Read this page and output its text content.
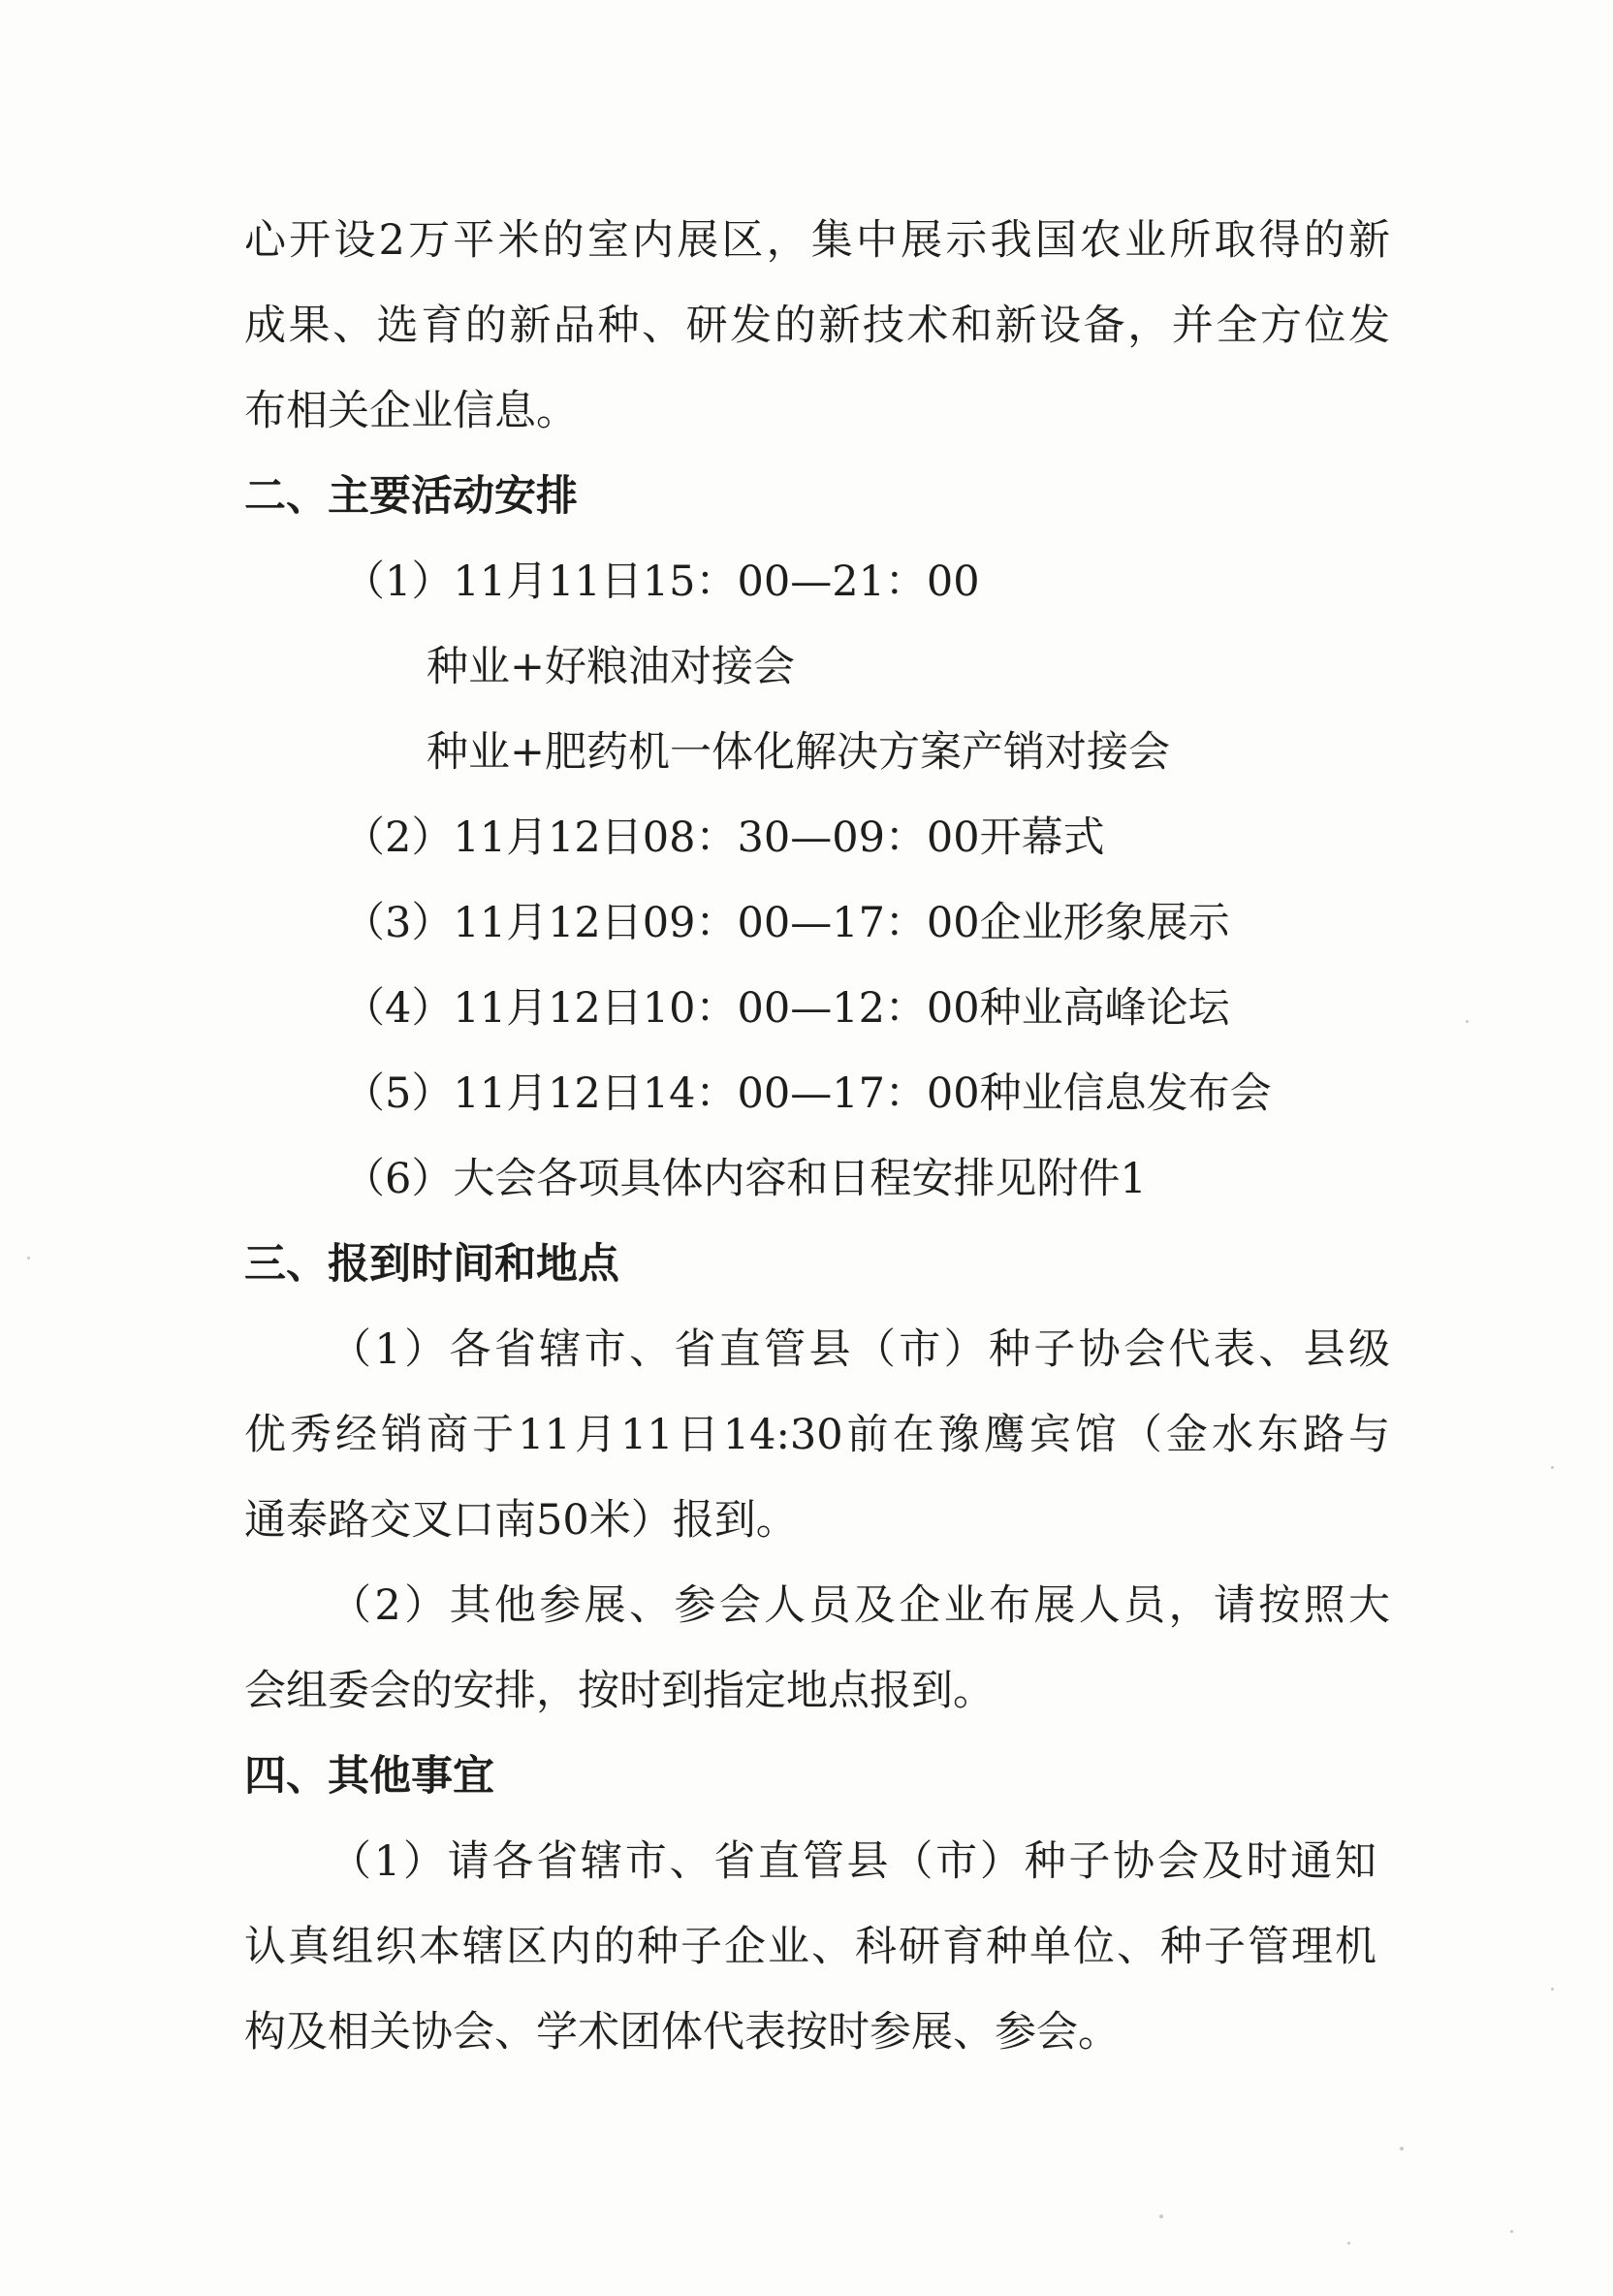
心开设2万平米的室内展区，集中展示我国农业所取得的新
成果、选育的新品种、研发的新技术和新设备，并全方位发
布相关企业信息。
二、主要活动安排
（1）11月11日15：00—21：00
种业+好粮油对接会
种业+肥药机一体化解决方案产销对接会
（2）11月12日08：30—09：00开幕式
（3）11月12日09：00—17：00企业形象展示
（4）11月12日10：00—12：00种业高峰论坛
（5）11月12日14：00—17：00种业信息发布会
（6）大会各项具体内容和日程安排见附件1
三、报到时间和地点
（1）各省辖市、省直管县（市）种子协会代表、县级
优秀经销商于11月11日14:30前在豫鹰宾馆（金水东路与
通泰路交叉口南50米）报到。
（2）其他参展、参会人员及企业布展人员，请按照大
会组委会的安排，按时到指定地点报到。
四、其他事宜
（1）请各省辖市、省直管县（市）种子协会及时通知
认真组织本辖区内的种子企业、科研育种单位、种子管理机
构及相关协会、学术团体代表按时参展、参会。
